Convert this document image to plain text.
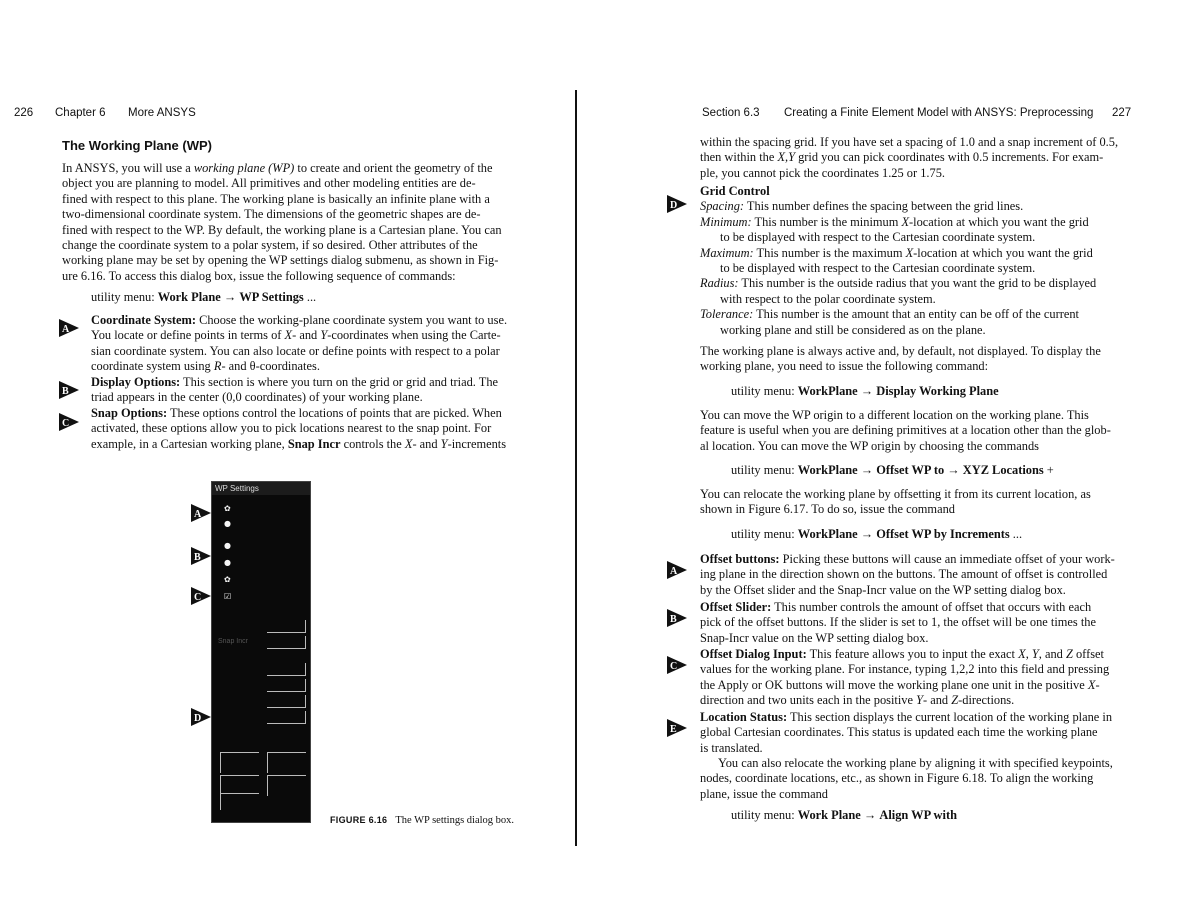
226 Chapter 6 More ANSYS
The Working Plane (WP)
In ANSYS, you will use a working plane (WP) to create and orient the geometry of the
object you are planning to model. All primitives and other modeling entities are de-
fined with respect to this plane. The working plane is basically an infinite plane with a
two-dimensional coordinate system. The dimensions of the geometric shapes are de-
fined with respect to the WP. By default, the working plane is a Cartesian plane. You can
change the coordinate system to a polar system, if so desired. Other attributes of the
working plane may be set by opening the WP settings dialog submenu, as shown in Fig-
ure 6.16. To access this dialog box, issue the following sequence of commands:
utility menu: Work Plane → WP Settings ...
A
Coordinate System: Choose the working-plane coordinate system you want to use.
You locate or define points in terms of X- and Y-coordinates when using the Carte-
sian coordinate system. You can also locate or define points with respect to a polar
coordinate system using R- and θ-coordinates.
B
Display Options: This section is where you turn on the grid or grid and triad. The
triad appears in the center (0,0 coordinates) of your working plane.
C
Snap Options: These options control the locations of points that are picked. When
activated, these options allow you to pick locations nearest to the snap point. For
example, in a Cartesian working plane, Snap Incr controls the X- and Y-increments
WP Settings
✿
●
●
●
✿
☑
Snap Incr
A
B
C
D
FIGURE 6.16 The WP settings dialog box.
Section 6.3 Creating a Finite Element Model with ANSYS: Preprocessing 227
within the spacing grid. If you have set a spacing of 1.0 and a snap increment of 0.5,
then within the X,Y grid you can pick coordinates with 0.5 increments. For exam-
ple, you cannot pick the coordinates 1.25 or 1.75.
D
Grid Control
Spacing: This number defines the spacing between the grid lines.
Minimum: This number is the minimum X-location at which you want the grid
to be displayed with respect to the Cartesian coordinate system.
Maximum: This number is the maximum X-location at which you want the grid
to be displayed with respect to the Cartesian coordinate system.
Radius: This number is the outside radius that you want the grid to be displayed
with respect to the polar coordinate system.
Tolerance: This number is the amount that an entity can be off of the current
working plane and still be considered as on the plane.
The working plane is always active and, by default, not displayed. To display the
working plane, you need to issue the following command:
utility menu: WorkPlane → Display Working Plane
You can move the WP origin to a different location on the working plane. This
feature is useful when you are defining primitives at a location other than the glob-
al location. You can move the WP origin by choosing the commands
utility menu: WorkPlane → Offset WP to → XYZ Locations +
You can relocate the working plane by offsetting it from its current location, as
shown in Figure 6.17. To do so, issue the command
utility menu: WorkPlane → Offset WP by Increments ...
A
Offset buttons: Picking these buttons will cause an immediate offset of your work-
ing plane in the direction shown on the buttons. The amount of offset is controlled
by the Offset slider and the Snap-Incr value on the WP setting dialog box.
B
Offset Slider: This number controls the amount of offset that occurs with each
pick of the offset buttons. If the slider is set to 1, the offset will be one times the
Snap-Incr value on the WP setting dialog box.
C
Offset Dialog Input: This feature allows you to input the exact X, Y, and Z offset
values for the working plane. For instance, typing 1,2,2 into this field and pressing
the Apply or OK buttons will move the working plane one unit in the positive X-
direction and two units each in the positive Y- and Z-directions.
E
Location Status: This section displays the current location of the working plane in
global Cartesian coordinates. This status is updated each time the working plane
is translated.
You can also relocate the working plane by aligning it with specified keypoints,
nodes, coordinate locations, etc., as shown in Figure 6.18. To align the working
plane, issue the command
utility menu: Work Plane → Align WP with
